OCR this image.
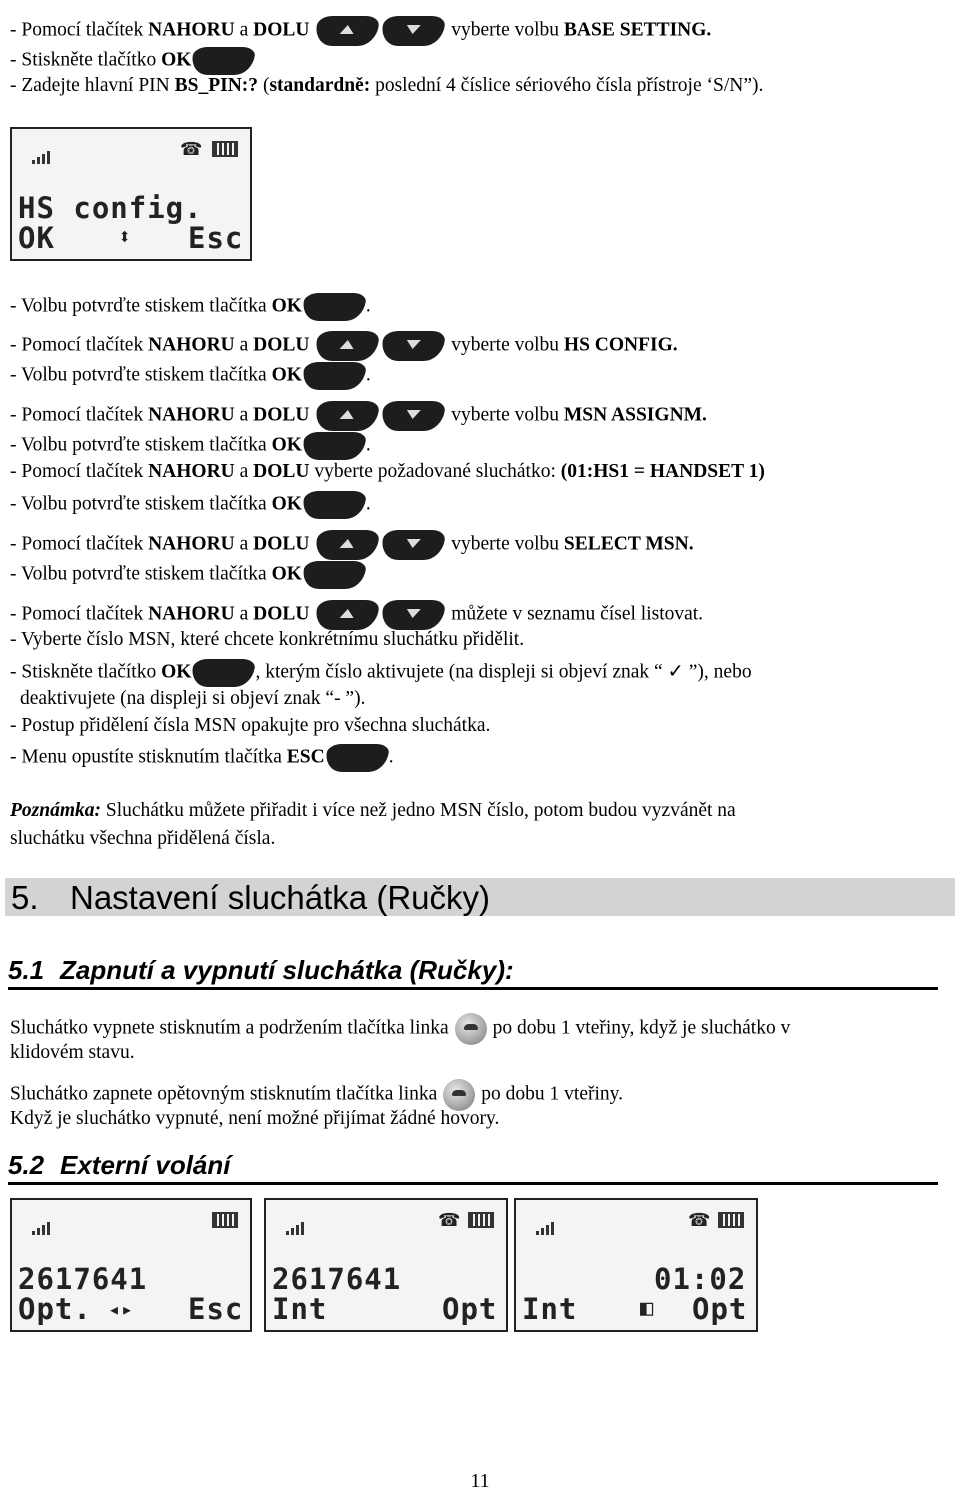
- Pomocí tlačítek NAHORU a DOLU	vyberte volbu BASE SETTING.
- Stiskněte tlačítko OK
- Zadejte hlavní PIN BS_PIN:? (standardně: poslední 4 číslice sériového čísla přístroje ‘S/N”).
☎
HS config.
OK	⬍ Esc
- Volbu potvrďte stiskem tlačítka OK	.
- Pomocí tlačítek NAHORU a DOLU	vyberte volbu HS CONFIG.
- Volbu potvrďte stiskem tlačítka OK	.
- Pomocí tlačítek NAHORU a DOLU	vyberte volbu MSN ASSIGNM.
- Volbu potvrďte stiskem tlačítka OK	.
- Pomocí tlačítek NAHORU a DOLU vyberte požadované sluchátko: (01:HS1 = HANDSET 1)
- Volbu potvrďte stiskem tlačítka OK	.
- Pomocí tlačítek NAHORU a DOLU	vyberte volbu SELECT MSN.
- Volbu potvrďte stiskem tlačítka OK
- Pomocí tlačítek NAHORU a DOLU	můžete v seznamu čísel listovat.
- Vyberte číslo MSN, které chcete konkrétnímu sluchátku přidělit.
- Stiskněte tlačítko OK	, kterým číslo aktivujete (na displeji si objeví znak “ ✓ ”), nebo
deaktivujete (na displeji si objeví znak “- ”).
- Postup přidělení čísla MSN opakujte pro všechna sluchátka.
- Menu opustíte stisknutím tlačítka ESC	.
Poznámka: Sluchátku můžete přiřadit i více než jedno MSN číslo, potom budou vyzvánět na
sluchátku všechna přidělená čísla.
5. Nastavení sluchátka (Ručky)
5.1 Zapnutí a vypnutí sluchátka (Ručky):
Sluchátko vypnete stisknutím a podržením tlačítka linka po dobu 1 vteřiny, když je sluchátko v
klidovém stavu.
Sluchátko zapnete opětovným stisknutím tlačítka linka po dobu 1 vteřiny.
Když je sluchátko vypnuté, není možné přijímat žádné hovory.
5.2 Externí volání
2617641
Opt. ◂▸ Esc
☎
2617641
Int	Opt
☎
01:02
Int	◧ Opt
11
